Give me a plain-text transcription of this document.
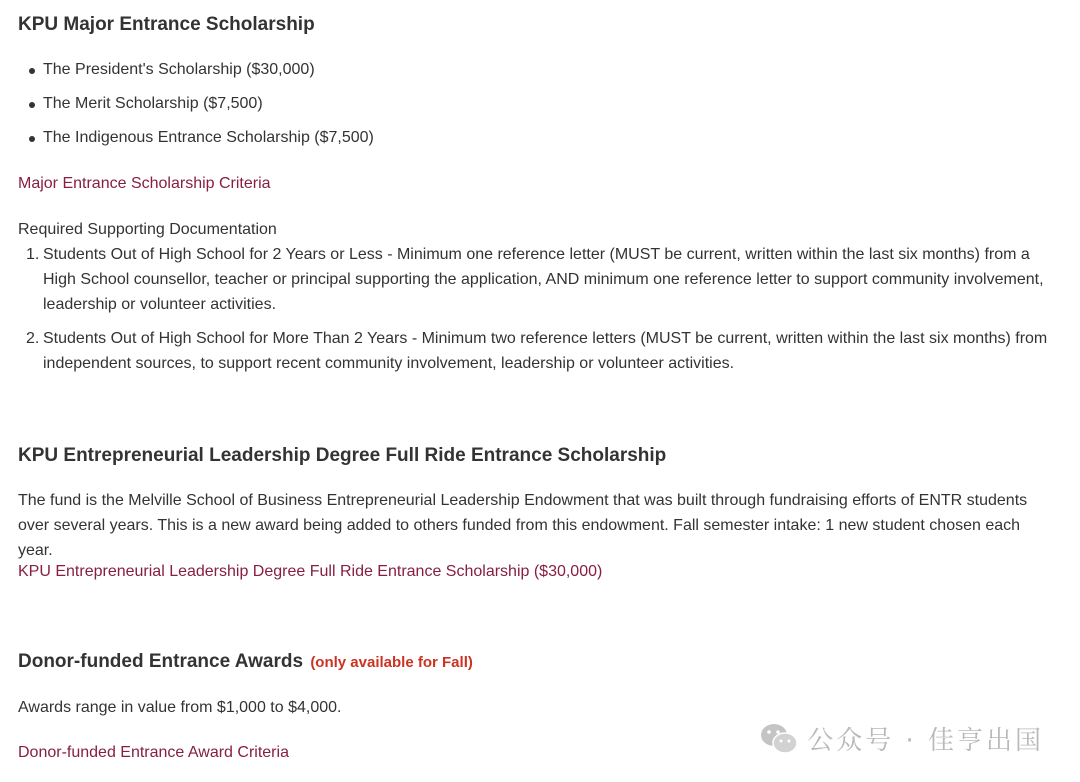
KPU Major Entrance Scholarship
The President's Scholarship ($30,000)
The Merit Scholarship ($7,500)
The Indigenous Entrance Scholarship ($7,500)
Major Entrance Scholarship Criteria

Required Supporting Documentation

1. Students Out of High School for 2 Years or Less - Minimum one reference letter (MUST be current, written within the last six months) from a High School counsellor, teacher or principal supporting the application, AND minimum one reference letter to support community involvement, leadership or volunteer activities.
2. Students Out of High School for More Than 2 Years - Minimum two reference letters (MUST be current, written within the last six months) from independent sources, to support recent community involvement, leadership or volunteer activities.
KPU Entrepreneurial Leadership Degree Full Ride Entrance Scholarship

The fund is the Melville School of Business Entrepreneurial Leadership Endowment that was built through fundraising efforts of ENTR students over several years. This is a new award being added to others funded from this endowment. Fall semester intake: 1 new student chosen each year.

KPU Entrepreneurial Leadership Degree Full Ride Entrance Scholarship ($30,000)
Donor-funded Entrance Awards (only available for Fall)

Awards range in value from $1,000 to $4,000.

Donor-funded Entrance Award Criteria	公众号 · 佳亨出国
